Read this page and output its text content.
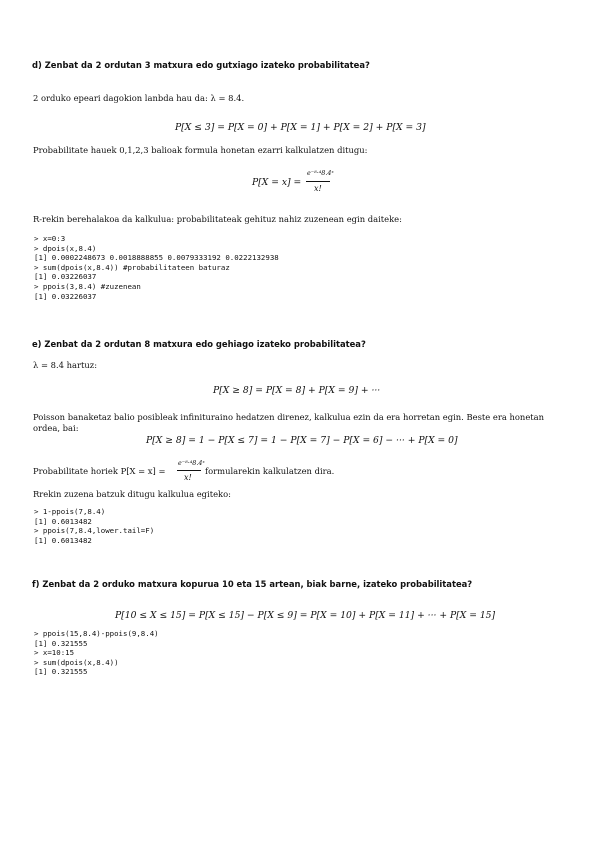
d) Zenbat da 2 ordutan 3 matxura edo gutxiago izateko probabilitatea?
2 orduko epeari dagokion lanbda hau da: λ = 8.4.
P[X ≤ 3] = P[X = 0] + P[X = 1] + P[X = 2] + P[X = 3]
Probabilitate hauek 0,1,2,3 balioak formula honetan ezarri kalkulatzen ditugu:
P[X = x] =
e⁻⁸·⁴8.4ˣ
x!
R-rekin berehalakoa da kalkulua: probabilitateak gehituz nahiz zuzenean egin daiteke:
> x=0:3
> dpois(x,8.4)
[1] 0.0002248673 0.0018888855 0.0079333192 0.0222132938
> sum(dpois(x,8.4)) #probabilitateen baturaz
[1] 0.03226037
> ppois(3,8.4) #zuzenean
[1] 0.03226037
e) Zenbat da 2 ordutan 8 matxura edo gehiago izateko probabilitatea?
λ = 8.4 hartuz:
P[X ≥ 8] = P[X = 8] + P[X = 9] + ···
Poisson banaketaz balio posibleak infinituraino hedatzen direnez, kalkulua ezin da era horretan egin. Beste era honetan
ordea, bai:
P[X ≥ 8] = 1 − P[X ≤ 7] = 1 − P[X = 7] − P[X = 6] − ··· + P[X = 0]
Probabilitate horiek P[X = x] =
e⁻⁸·⁴8.4ˣ
x!
formularekin kalkulatzen dira.
Rrekin zuzena batzuk ditugu kalkulua egiteko:
> 1-ppois(7,8.4)
[1] 0.6013482
> ppois(7,8.4,lower.tail=F)
[1] 0.6013482
f) Zenbat da 2 orduko matxura kopurua 10 eta 15 artean, biak barne, izateko probabilitatea?
P[10 ≤ X ≤ 15] = P[X ≤ 15] − P[X ≤ 9] = P[X = 10] + P[X = 11] + ··· + P[X = 15]
> ppois(15,8.4)-ppois(9,8.4)
[1] 0.321555
> x=10:15
> sum(dpois(x,8.4))
[1] 0.321555
